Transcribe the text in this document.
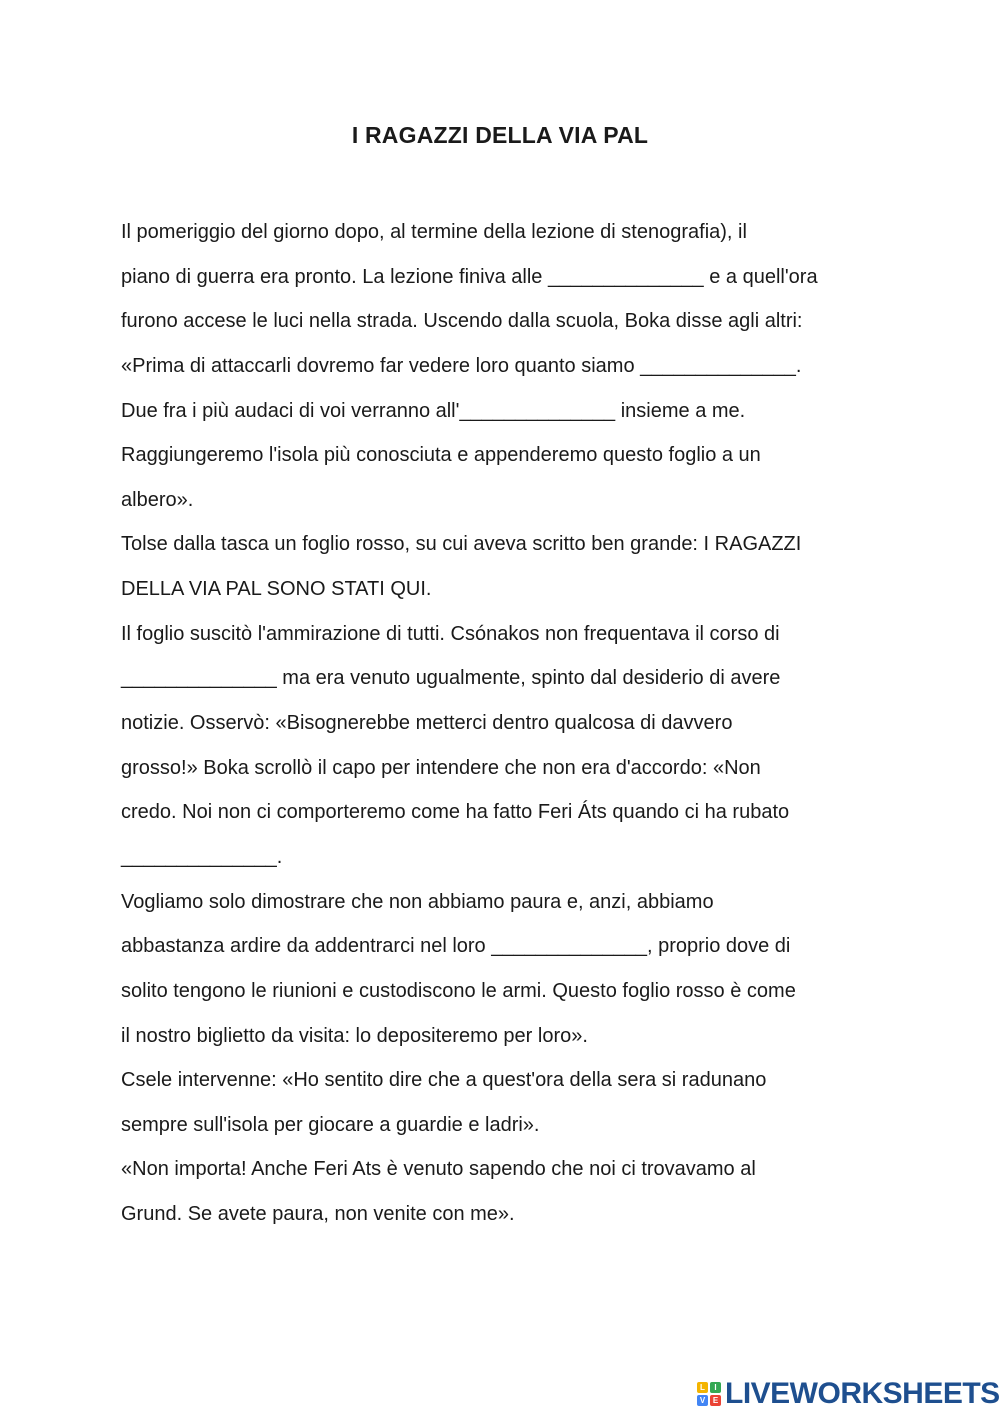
I RAGAZZI DELLA VIA PAL
Il pomeriggio del giorno dopo, al termine della lezione di stenografia), il
piano di guerra era pronto. La lezione finiva alle ______________ e a quell'ora
furono accese le luci nella strada. Uscendo dalla scuola, Boka disse agli altri:
«Prima di attaccarli dovremo far vedere loro quanto siamo ______________.
Due fra i più audaci di voi verranno all'______________ insieme a me.
Raggiungeremo l'isola più conosciuta e appenderemo questo foglio a un
albero».
Tolse dalla tasca un foglio rosso, su cui aveva scritto ben grande: I RAGAZZI
DELLA VIA PAL SONO STATI QUI.
Il foglio suscitò l'ammirazione di tutti. Csónakos non frequentava il corso di
______________ ma era venuto ugualmente, spinto dal desiderio di avere
notizie. Osservò: «Bisognerebbe metterci dentro qualcosa di davvero
grosso!» Boka scrollò il capo per intendere che non era d'accordo: «Non
credo. Noi non ci comporteremo come ha fatto Feri Áts quando ci ha rubato
______________.
Vogliamo solo dimostrare che non abbiamo paura e, anzi, abbiamo
abbastanza ardire da addentrarci nel loro ______________, proprio dove di
solito tengono le riunioni e custodiscono le armi. Questo foglio rosso è come
il nostro biglietto da visita: lo depositeremo per loro».
Csele intervenne: «Ho sentito dire che a quest'ora della sera si radunano
sempre sull'isola per giocare a guardie e ladri».
«Non importa! Anche Feri Ats è venuto sapendo che noi ci trovavamo al
Grund. Se avete paura, non venite con me».
L	I
V E LIVEWORKSHEETS
